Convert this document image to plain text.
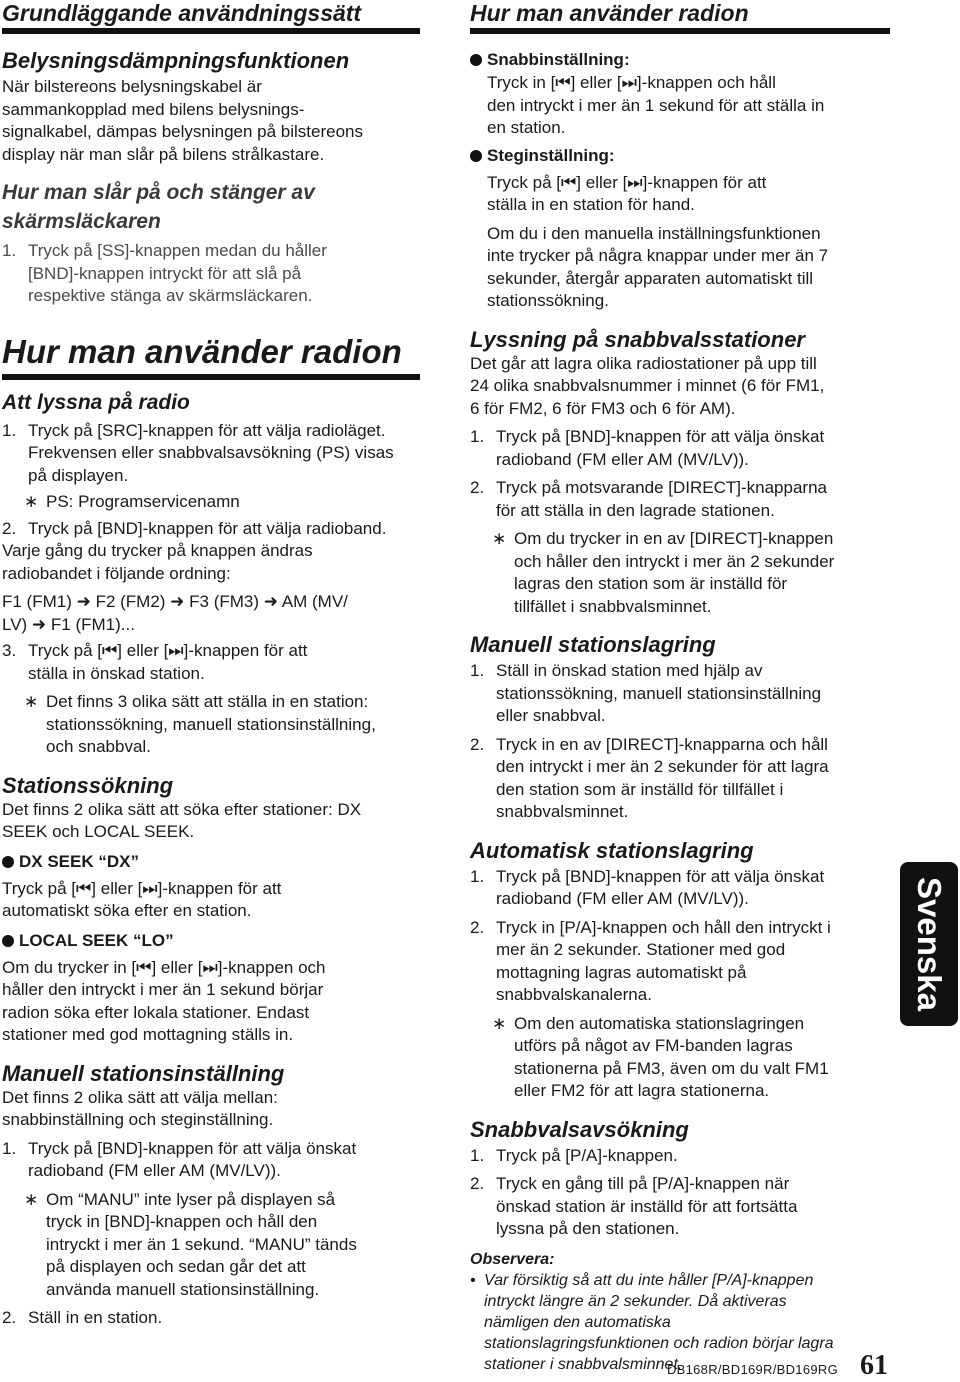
Grundläggande användningssätt
Belysningsdämpningsfunktionen

När bilstereons belysningskabel är

sammankopplad med bilens belysnings-

signalkabel, dämpas belysningen på bilstereons

display när man slår på bilens strålkastare.

Hur man slår på och stänger av

skärmsläckaren

1. Tryck på [SS]-knappen medan du håller

[BND]-knappen intryckt för att slå på

respektive stänga av skärmsläckaren.

Hur man använder radion
Att lyssna på radio
1. Tryck på [SRC]-knappen för att välja radioläget.

Frekvensen eller snabbvalsavsökning (PS) visas

på displayen.

∗ PS: Programservicenamn
2. Tryck på [BND]-knappen för att välja radioband.

Varje gång du trycker på knappen ändras

radiobandet i följande ordning:

F1 (FM1) ➜ F2 (FM2) ➜ F3 (FM3) ➜ AM (MV/

LV) ➜ F1 (FM1)...

3. Tryck på [⏮] eller [⏭]-knappen för att

ställa in önskad station.

∗ Det finns 3 olika sätt att ställa in en station:

stationssökning, manuell stationsinställning,

och snabbval.

Stationssökning

Det finns 2 olika sätt att söka efter stationer: DX

SEEK och LOCAL SEEK.

DX SEEK “DX”

Tryck på [⏮] eller [⏭]-knappen för att

automatiskt söka efter en station.

LOCAL SEEK “LO”

Om du trycker in [⏮] eller [⏭]-knappen och

håller den intryckt i mer än 1 sekund börjar

radion söka efter lokala stationer. Endast

stationer med god mottagning ställs in.

Manuell stationsinställning

Det finns 2 olika sätt att välja mellan:

snabbinställning och steginställning.

1. Tryck på [BND]-knappen för att välja önskat

radioband (FM eller AM (MV/LV)).

∗ Om “MANU” inte lyser på displayen så

tryck in [BND]-knappen och håll den

intryckt i mer än 1 sekund. “MANU” tänds

på displayen och sedan går det att

använda manuell stationsinställning.

2. Ställ in en station.

Hur man använder radion
Snabbinställning:

Tryck in [⏮] eller [⏭]-knappen och håll

den intryckt i mer än 1 sekund för att ställa in

en station.

Steginställning:

Tryck på [⏮] eller [⏭]-knappen för att

ställa in en station för hand.

Om du i den manuella inställningsfunktionen

inte trycker på några knappar under mer än 7

sekunder, återgår apparaten automatiskt till

stationssökning.

Lyssning på snabbvalsstationer

Det går att lagra olika radiostationer på upp till

24 olika snabbvalsnummer i minnet (6 för FM1,

6 för FM2, 6 för FM3 och 6 för AM).

1. Tryck på [BND]-knappen för att välja önskat

radioband (FM eller AM (MV/LV)).

2. Tryck på motsvarande [DIRECT]-knapparna

för att ställa in den lagrade stationen.

∗ Om du trycker in en av [DIRECT]-knappen

och håller den intryckt i mer än 2 sekunder

lagras den station som är inställd för

tillfället i snabbvalsminnet.

Manuell stationslagring
1. Ställ in önskad station med hjälp av

stationssökning, manuell stationsinställning

eller snabbval.

2. Tryck in en av [DIRECT]-knapparna och håll

den intryckt i mer än 2 sekunder för att lagra

den station som är inställd för tillfället i

snabbvalsminnet.

Automatisk stationslagring
1. Tryck på [BND]-knappen för att välja önskat

radioband (FM eller AM (MV/LV)).

2. Tryck in [P/A]-knappen och håll den intryckt i

mer än 2 sekunder. Stationer med god

mottagning lagras automatiskt på

snabbvalskanalerna.

∗ Om den automatiska stationslagringen

utförs på något av FM-banden lagras

stationerna på FM3, även om du valt FM1

eller FM2 för att lagra stationerna.

Snabbvalsavsökning
1. Tryck på [P/A]-knappen.

2. Tryck en gång till på [P/A]-knappen när

önskad station är inställd för att fortsätta

lyssna på den stationen.

Observera:
• Var försiktig så att du inte håller [P/A]-knappen

intryckt längre än 2 sekunder. Då aktiveras

nämligen den automatiska

stationslagringsfunktionen och radion börjar lagra

stationer i snabbvalsminnet.

Svenska
DB168R/BD169R/BD169RG 61
